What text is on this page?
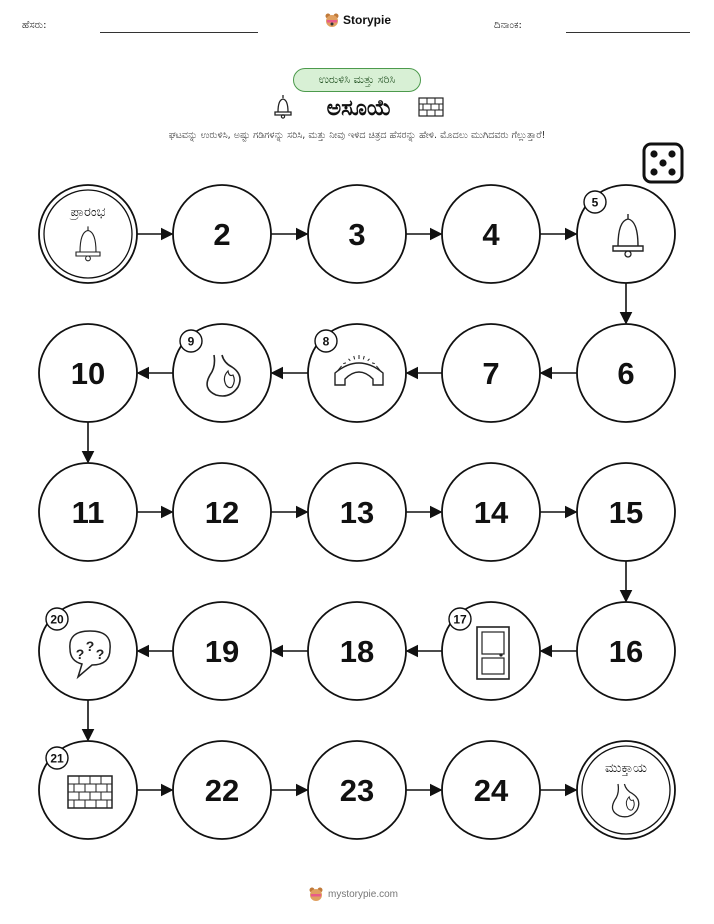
ಹೆಸರು:	Storypie	ದಿನಾಂಕ:
ಉರುಳಿಸಿ ಮತ್ತು ಸರಿಸಿ
ಅಸೂಯೆ
ಘಟವನ್ನು ಉರುಳಿಸಿ, ಅಷ್ಟು ಗಡಿಗಳನ್ನು ಸರಿಸಿ, ಮತ್ತು ನೀವು ಇಳಿದ ಚಿತ್ರದ ಹೆಸರನ್ನು ಹೇಳಿ. ಮೊದಲು ಮುಗಿದವರು ಗೆಲ್ಲುತ್ತಾರೆ!
ಪ್ರಾರಂಭ
2	3	4
5
6
7
8
9
10
11	12	13	14	15
16
17
18
19
? ? ?
20
21
22	23	24
ಮುಕ್ತಾಯ
mystorypie.com
